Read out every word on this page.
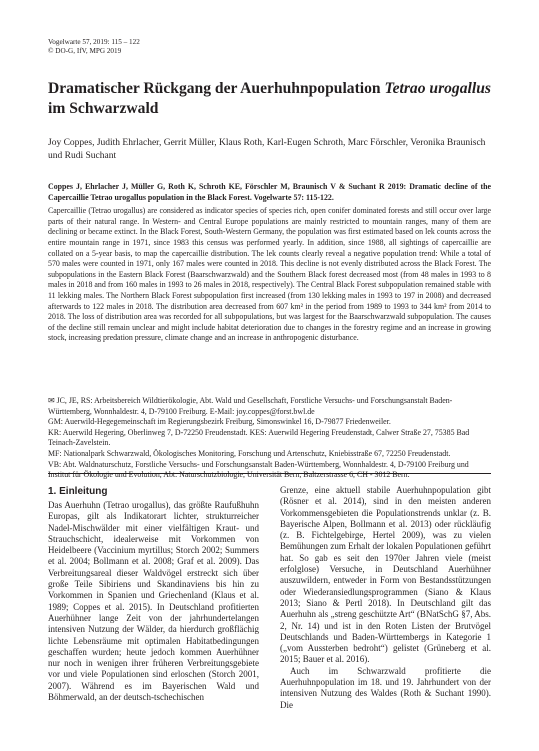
Vogelwarte 57, 2019: 115 – 122
© DO-G, IfV, MPG 2019
Dramatischer Rückgang der Auerhuhnpopulation Tetrao urogallus im Schwarzwald

Joy Coppes, Judith Ehrlacher, Gerrit Müller, Klaus Roth, Karl-Eugen Schroth, Marc Förschler, Veronika Braunisch und Rudi Suchant

Coppes J, Ehrlacher J, Müller G, Roth K, Schroth KE, Förschler M, Braunisch V & Suchant R 2019: Dramatic decline of the Capercaillie Tetrao urogallus population in the Black Forest. Vogelwarte 57: 115-122.

Capercaillie (Tetrao urogallus) are considered as indicator species of species rich, open conifer dominated forests and still occur over large parts of their natural range. In Western- and Central Europe populations are mainly restricted to mountain ranges, many of them are declining or became extinct. In the Black Forest, South-Western Germany, the population was first estimated based on lek counts across the entire mountain range in 1971, since 1983 this census was performed yearly. In addition, since 1988, all sightings of capercaillie are collated on a 5-year basis, to map the capercaillie distribution. The lek counts clearly reveal a negative population trend: While a total of 570 males were counted in 1971, only 167 males were counted in 2018. This decline is not evenly distributed across the Black Forest. The subpopulations in the Eastern Black Forest (Baarschwarzwald) and the Southern Black forest decreased most (from 48 males in 1993 to 8 males in 2018 and from 160 males in 1993 to 26 males in 2018, respectively). The Central Black Forest subpopulation remained stable with 11 lekking males. The Northern Black Forest subpopulation first increased (from 130 lekking males in 1993 to 197 in 2008) and decreased afterwards to 122 males in 2018. The distribution area decreased from 607 km² in the period from 1989 to 1993 to 344 km² from 2014 to 2018. The loss of distribution area was recorded for all subpopulations, but was largest for the Baarschwarzwald subpopulation. The causes of the decline still remain unclear and might include habitat deterioration due to changes in the forestry regime and an increase in growing stock, increasing predation pressure, climate change and an increase in anthropogenic disturbance.

✉ JC, JE, RS: Arbeitsbereich Wildtierökologie, Abt. Wald und Gesellschaft, Forstliche Versuchs- und Forschungsanstalt Baden-Württemberg, Wonnhaldestr. 4, D-79100 Freiburg. E-Mail: joy.coppes@forst.bwl.de

GM: Auerwild-Hegegemeinschaft im Regierungsbezirk Freiburg, Simonswinkel 16, D-79877 Friedenweiler.

KR: Auerwild Hegering, Oberlinweg 7, D-72250 Freudenstadt. KES: Auerwild Hegering Freudenstadt, Calwer Straße 27, 75385 Bad Teinach-Zavelstein.

MF: Nationalpark Schwarzwald, Ökologisches Monitoring, Forschung und Artenschutz, Kniebisstraße 67, 72250 Freudenstadt.

VB: Abt. Waldnaturschutz, Forstliche Versuchs- und Forschungsanstalt Baden-Württemberg, Wonnhaldestr. 4, D-79100 Freiburg und Institut für Ökologie und Evolution, Abt. Naturschutzbiologie, Universität Bern, Baltzerstrasse 6, CH - 3012 Bern.

1. Einleitung

Das Auerhuhn (Tetrao urogallus), das größte Raufußhuhn Europas, gilt als Indikatorart lichter, strukturreicher Nadel-Mischwälder mit einer vielfältigen Kraut- und Strauchschicht, idealerweise mit Vorkommen von Heidelbeere (Vaccinium myrtillus; Storch 2002; Summers et al. 2004; Bollmann et al. 2008; Graf et al. 2009). Das Verbreitungsareal dieser Waldvögel erstreckt sich über große Teile Sibiriens und Skandinaviens bis hin zu Vorkommen in Spanien und Griechenland (Klaus et al. 1989; Coppes et al. 2015). In Deutschland profitierten Auerhühner lange Zeit von der jahrhundertelangen intensiven Nutzung der Wälder, da hierdurch großflächig lichte Lebensräume mit optimalen Habitatbedingungen geschaffen wurden; heute jedoch kommen Auerhühner nur noch in wenigen ihrer früheren Verbreitungsgebiete vor und viele Populationen sind erloschen (Storch 2001, 2007). Während es im Bayerischen Wald und Böhmerwald, an der deutsch-tschechischen

Grenze, eine aktuell stabile Auerhuhnpopulation gibt (Rösner et al. 2014), sind in den meisten anderen Vorkommensgebieten die Populationstrends unklar (z. B. Bayerische Alpen, Bollmann et al. 2013) oder rückläufig (z. B. Fichtelgebirge, Hertel 2009), was zu vielen Bemühungen zum Erhalt der lokalen Populationen geführt hat. So gab es seit den 1970er Jahren viele (meist erfolglose) Versuche, in Deutschland Auerhühner auszuwildern, entweder in Form von Bestandsstützungen oder Wiederansiedlungsprogrammen (Siano & Klaus 2013; Siano & Pertl 2018). In Deutschland gilt das Auerhuhn als „streng geschützte Art“ (BNatSchG §7, Abs. 2, Nr. 14) und ist in den Roten Listen der Brutvögel Deutschlands und Baden-Württembergs in Kategorie 1 („vom Aussterben bedroht“) gelistet (Grüneberg et al. 2015; Bauer et al. 2016).

Auch im Schwarzwald profitierte die Auerhuhnpopulation im 18. und 19. Jahrhundert von der intensiven Nutzung des Waldes (Roth & Suchant 1990). Die
